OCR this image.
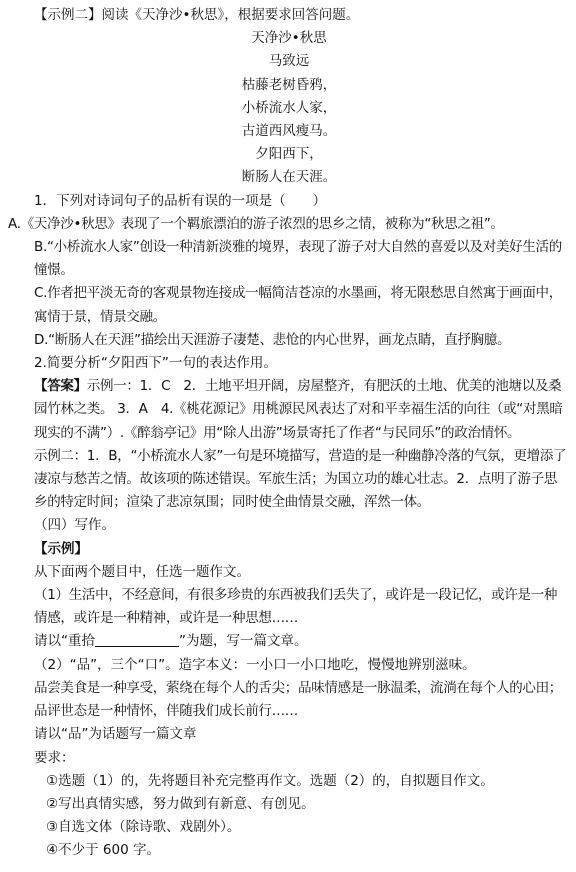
【示例二】阅读《天净沙•秋思》，根据要求回答问题。
天净沙•秋思
马致远
枯藤老树昏鸦，
小桥流水人家，
古道西风瘦马。
夕阳西下，
断肠人在天涯。
1．下列对诗词句子的品析有误的一项是（　　）
A.《天净沙•秋思》表现了一个羁旅漂泊的游子浓烈的思乡之情，被称为“秋思之祖”。
B.“小桥流水人家”创设一种清新淡雅的境界，表现了游子对大自然的喜爱以及对美好生活的憧憬。
C.作者把平淡无奇的客观景物连接成一幅简洁苍凉的水墨画，将无限愁思自然寓于画面中，寓情于景，情景交融。
D.“断肠人在天涯”描绘出天涯游子凄楚、悲怆的内心世界，画龙点睛，直抒胸臆。
2.简要分析“夕阳西下”一句的表达作用。
【答案】示例一：1．C　2．土地平坦开阔，房屋整齐，有肥沃的土地、优美的池塘以及桑园竹林之类。 3．A　4.《桃花源记》用桃源民风表达了对和平幸福生活的向往（或“对黑暗现实的不满”）.《醉翁亭记》用“除人出游”场景寄托了作者“与民同乐”的政治情怀。
示例二：1．B，“小桥流水人家”一句是环境描写，营造的是一种幽静冷落的气氛，更增添了凄凉与愁苦之情。故该项的陈述错误。军旅生活；为国立功的雄心壮志。2．点明了游子思乡的特定时间；渲染了悲凉氛围；同时使全曲情景交融，浑然一体。
（四）写作。
【示例】
从下面两个题目中，任选一题作文。
（1）生活中，不经意间，有很多珍贵的东西被我们丢失了，或许是一段记忆，或许是一种情感，或许是一种精神，或许是一种思想……
请以“重拾	”为题，写一篇文章。
（2）“品”，三个“口”。造字本义：一小口一小口地吃，慢慢地辨别滋味。
品尝美食是一种享受，萦绕在每个人的舌尖；品味情感是一脉温柔，流淌在每个人的心田；品评世态是一种情怀，伴随我们成长前行……
请以“品”为话题写一篇文章
要求：
①选题（1）的，先将题目补充完整再作文。选题（2）的，自拟题目作文。
②写出真情实感，努力做到有新意、有创见。
③自选文体（除诗歌、戏剧外）。
④不少于 600 字。
